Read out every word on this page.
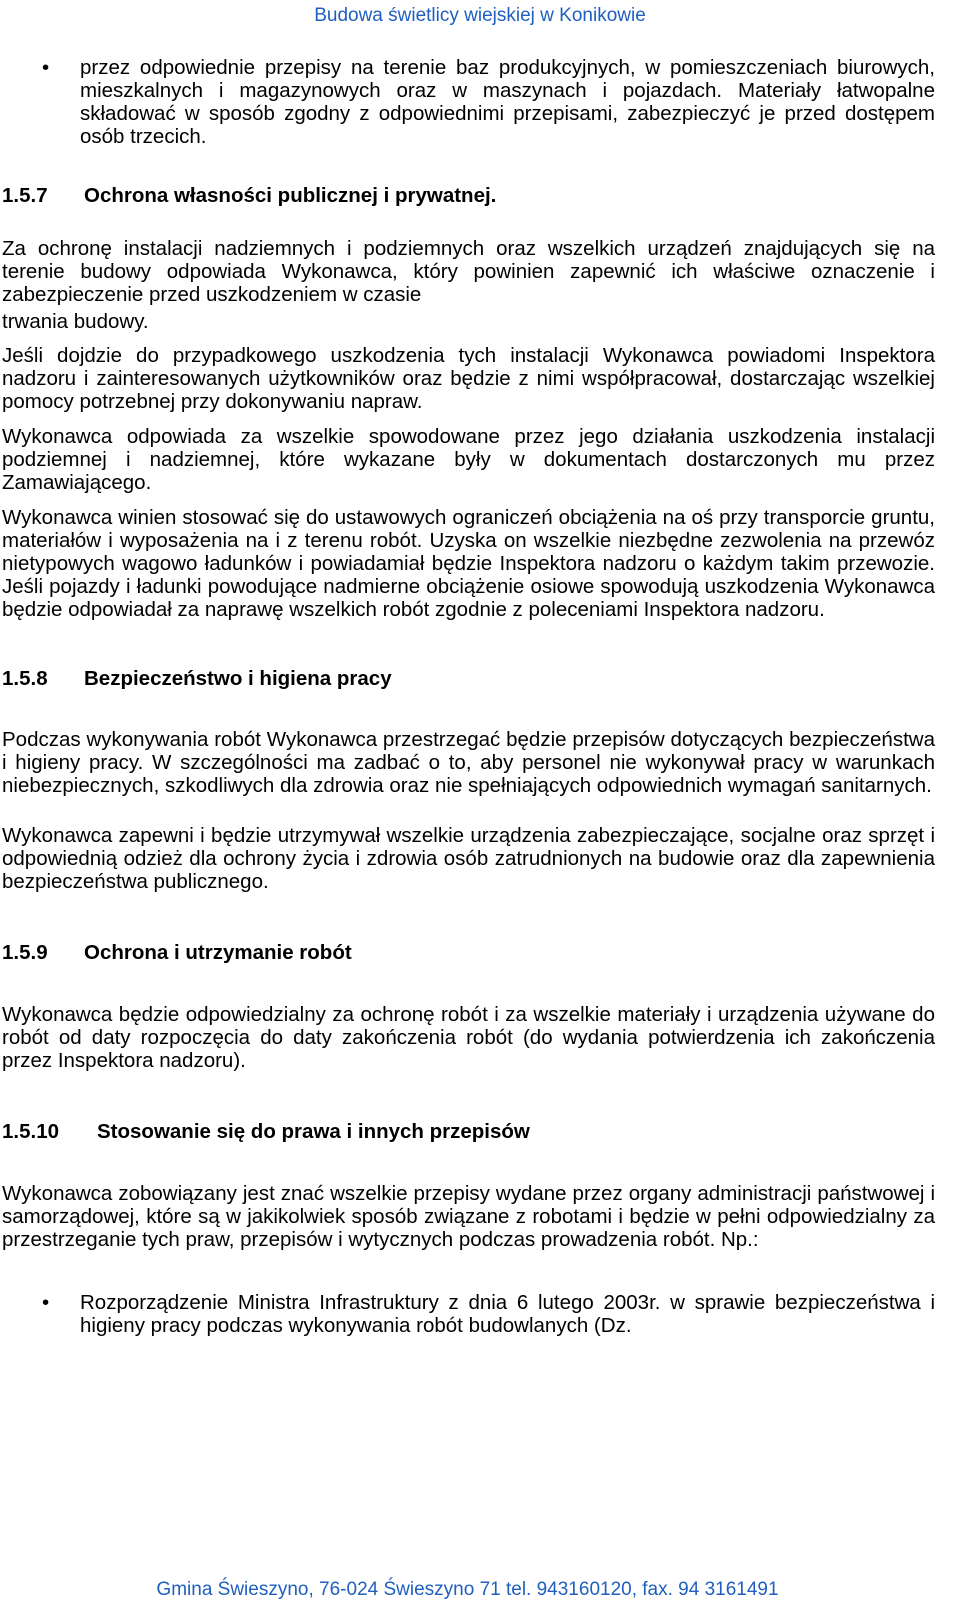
Budowa świetlicy wiejskiej w Konikowie
• przez odpowiednie przepisy na terenie baz produkcyjnych, w pomieszczeniach biurowych, mieszkalnych i magazynowych oraz w maszynach i pojazdach. Materiały łatwopalne składować w sposób zgodny z odpowiednimi przepisami, zabezpieczyć je przed dostępem osób trzecich.
1.5.7 Ochrona własności publicznej i prywatnej.

Za ochronę instalacji nadziemnych i podziemnych oraz wszelkich urządzeń znajdujących się na terenie budowy odpowiada Wykonawca, który powinien zapewnić ich właściwe oznaczenie i zabezpieczenie przed uszkodzeniem w czasie

trwania budowy.

Jeśli dojdzie do przypadkowego uszkodzenia tych instalacji Wykonawca powiadomi Inspektora nadzoru i zainteresowanych użytkowników oraz będzie z nimi współpracował, dostarczając wszelkiej pomocy potrzebnej przy dokonywaniu napraw.

Wykonawca odpowiada za wszelkie spowodowane przez jego działania uszkodzenia instalacji podziemnej i nadziemnej, które wykazane były w dokumentach dostarczonych mu przez Zamawiającego.

Wykonawca winien stosować się do ustawowych ograniczeń obciążenia na oś przy transporcie gruntu, materiałów i wyposażenia na i z terenu robót. Uzyska on wszelkie niezbędne zezwolenia na przewóz nietypowych wagowo ładunków i powiadamiał będzie Inspektora nadzoru o każdym takim przewozie. Jeśli pojazdy i ładunki powodujące nadmierne obciążenie osiowe spowodują uszkodzenia Wykonawca będzie odpowiadał za naprawę wszelkich robót zgodnie z poleceniami Inspektora nadzoru.

1.5.8 Bezpieczeństwo i higiena pracy

Podczas wykonywania robót Wykonawca przestrzegać będzie przepisów dotyczących bezpieczeństwa i higieny pracy. W szczególności ma zadbać o to, aby personel nie wykonywał pracy w warunkach niebezpiecznych, szkodliwych dla zdrowia oraz nie spełniających odpowiednich wymagań sanitarnych.

Wykonawca zapewni i będzie utrzymywał wszelkie urządzenia zabezpieczające, socjalne oraz sprzęt i odpowiednią odzież dla ochrony życia i zdrowia osób zatrudnionych na budowie oraz dla zapewnienia bezpieczeństwa publicznego.

1.5.9 Ochrona i utrzymanie robót

Wykonawca będzie odpowiedzialny za ochronę robót i za wszelkie materiały i urządzenia używane do robót od daty rozpoczęcia do daty zakończenia robót (do wydania potwierdzenia ich zakończenia przez Inspektora nadzoru).

1.5.10 Stosowanie się do prawa i innych przepisów

Wykonawca zobowiązany jest znać wszelkie przepisy wydane przez organy administracji państwowej i samorządowej, które są w jakikolwiek sposób związane z robotami i będzie w pełni odpowiedzialny za przestrzeganie tych praw, przepisów i wytycznych podczas prowadzenia robót. Np.:

• Rozporządzenie Ministra Infrastruktury z dnia 6 lutego 2003r. w sprawie bezpieczeństwa i higieny pracy podczas wykonywania robót budowlanych (Dz.
Gmina Świeszyno, 76-024 Świeszyno 71 tel. 943160120, fax. 94 3161491
